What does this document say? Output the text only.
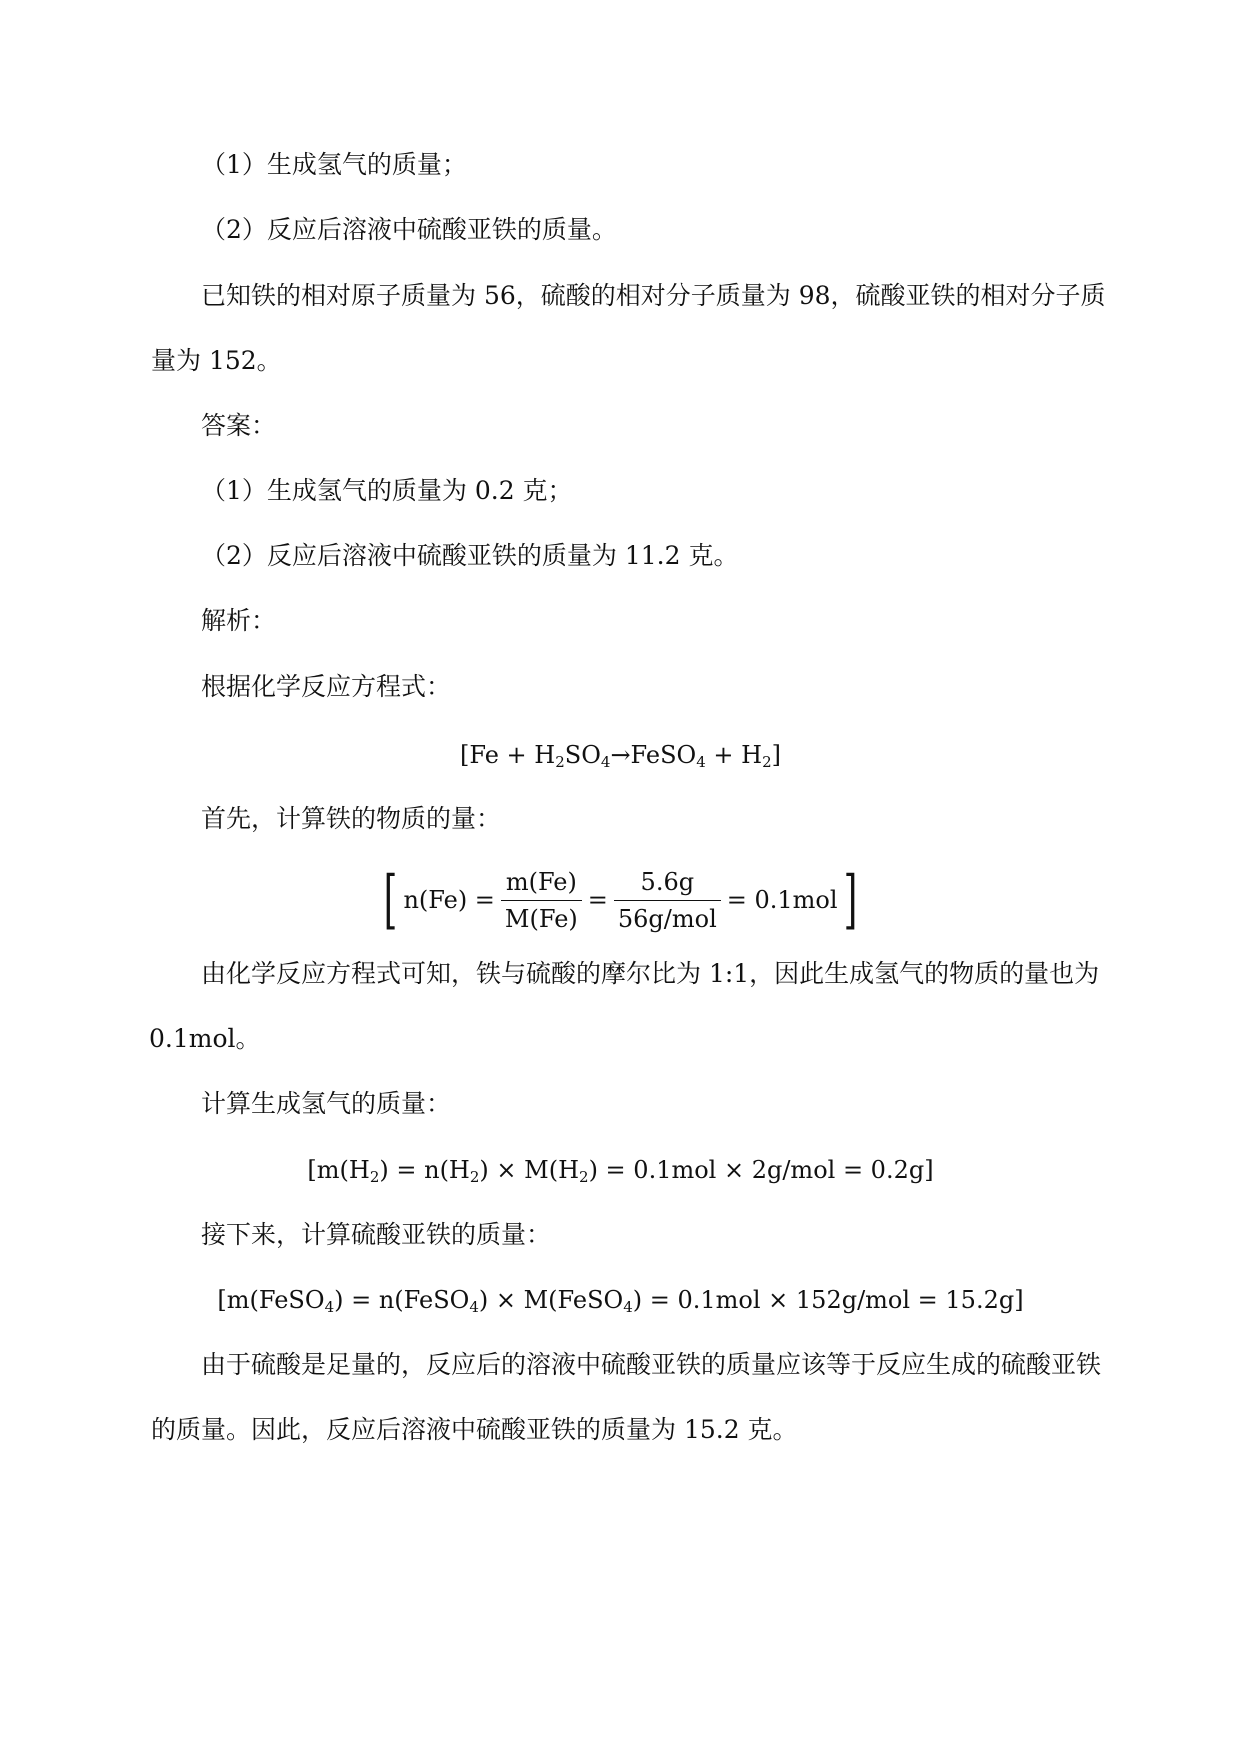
（1）生成氢气的质量；
（2）反应后溶液中硫酸亚铁的质量。
已知铁的相对原子质量为 56，硫酸的相对分子质量为 98，硫酸亚铁的相对分子质
量为 152。
答案：
（1）生成氢气的质量为 0.2 克；
（2）反应后溶液中硫酸亚铁的质量为 11.2 克。
解析：
根据化学反应方程式：
$[Fe + H_2SO_4\to FeSO_4 + H_2]$
首先，计算铁的物质的量：
[ $n(Fe) = \frac{m(Fe)}{M(Fe)} = \frac{5.6g}{\text{56g/mol}} = 0.1mol$ ]
由化学反应方程式可知，铁与硫酸的摩尔比为 1:1，因此生成氢气的物质的量也为
0.1mol。
计算生成氢气的质量：
$[m(H_2) = n(H_2) \times M(H_2) = 0.1mol \times 2g/mol = 0.2g]$
接下来，计算硫酸亚铁的质量：
[m(FeSO$_4$) = n(FeSO$_4$) × M(FeSO$_4$) = 0.1mol × 152g/mol = 15.2g]
由于硫酸是足量的，反应后的溶液中硫酸亚铁的质量应该等于反应生成的硫酸亚铁
的质量。因此，反应后溶液中硫酸亚铁的质量为 15.2 克。
